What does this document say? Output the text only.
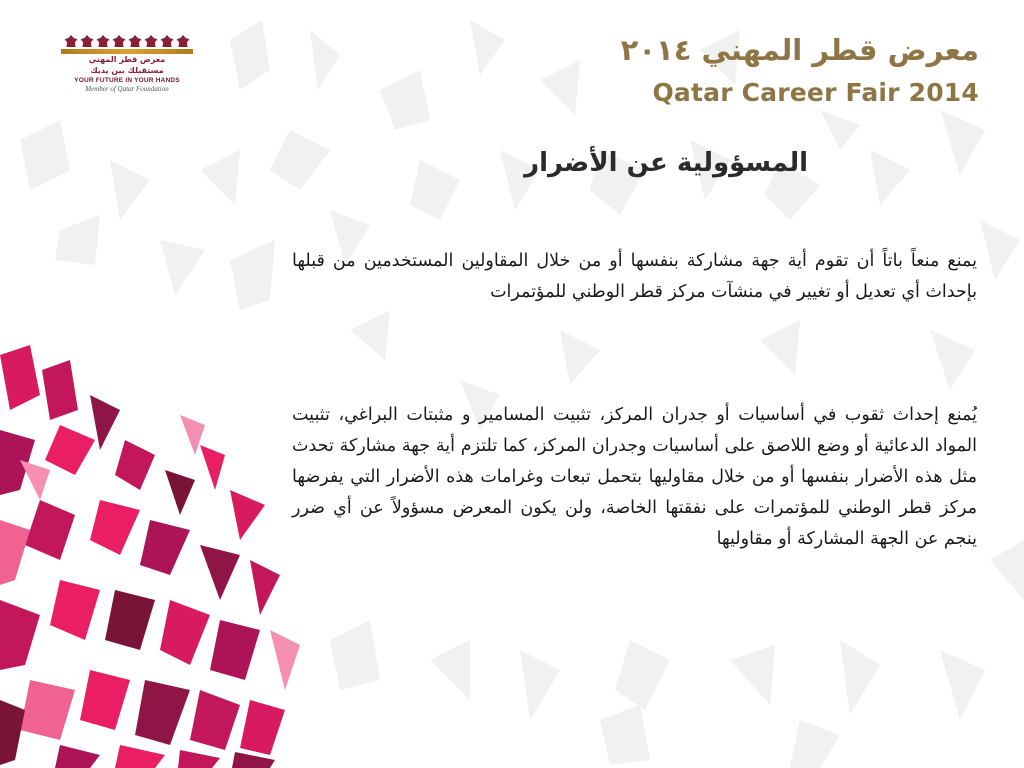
معرض قطر المهني
مستقبلك بين يديك
YOUR FUTURE IN YOUR HANDS
Member of Qatar Foundation
معرض قطر المهني ٢٠١٤
Qatar Career Fair 2014
المسؤولية عن الأضرار
يمنع منعاً باتاً أن تقوم أية جهة مشاركة بنفسها أو من خلال المقاولين المستخدمين من قبلها بإحداث أي تعديل أو تغيير في منشآت مركز قطر الوطني للمؤتمرات
يُمنع إحداث ثقوب في أساسيات أو جدران المركز، تثبيت المسامير و مثبتات البراغي، تثبيت المواد الدعائية أو وضع اللاصق على أساسيات وجدران المركز، كما تلتزم أية جهة مشاركة تحدث مثل هذه الأضرار بنفسها أو من خلال مقاوليها بتحمل تبعات وغرامات هذه الأضرار التي يفرضها مركز قطر الوطني للمؤتمرات على نفقتها الخاصة، ولن يكون المعرض مسؤولاً عن أي ضرر ينجم عن الجهة المشاركة أو مقاوليها
